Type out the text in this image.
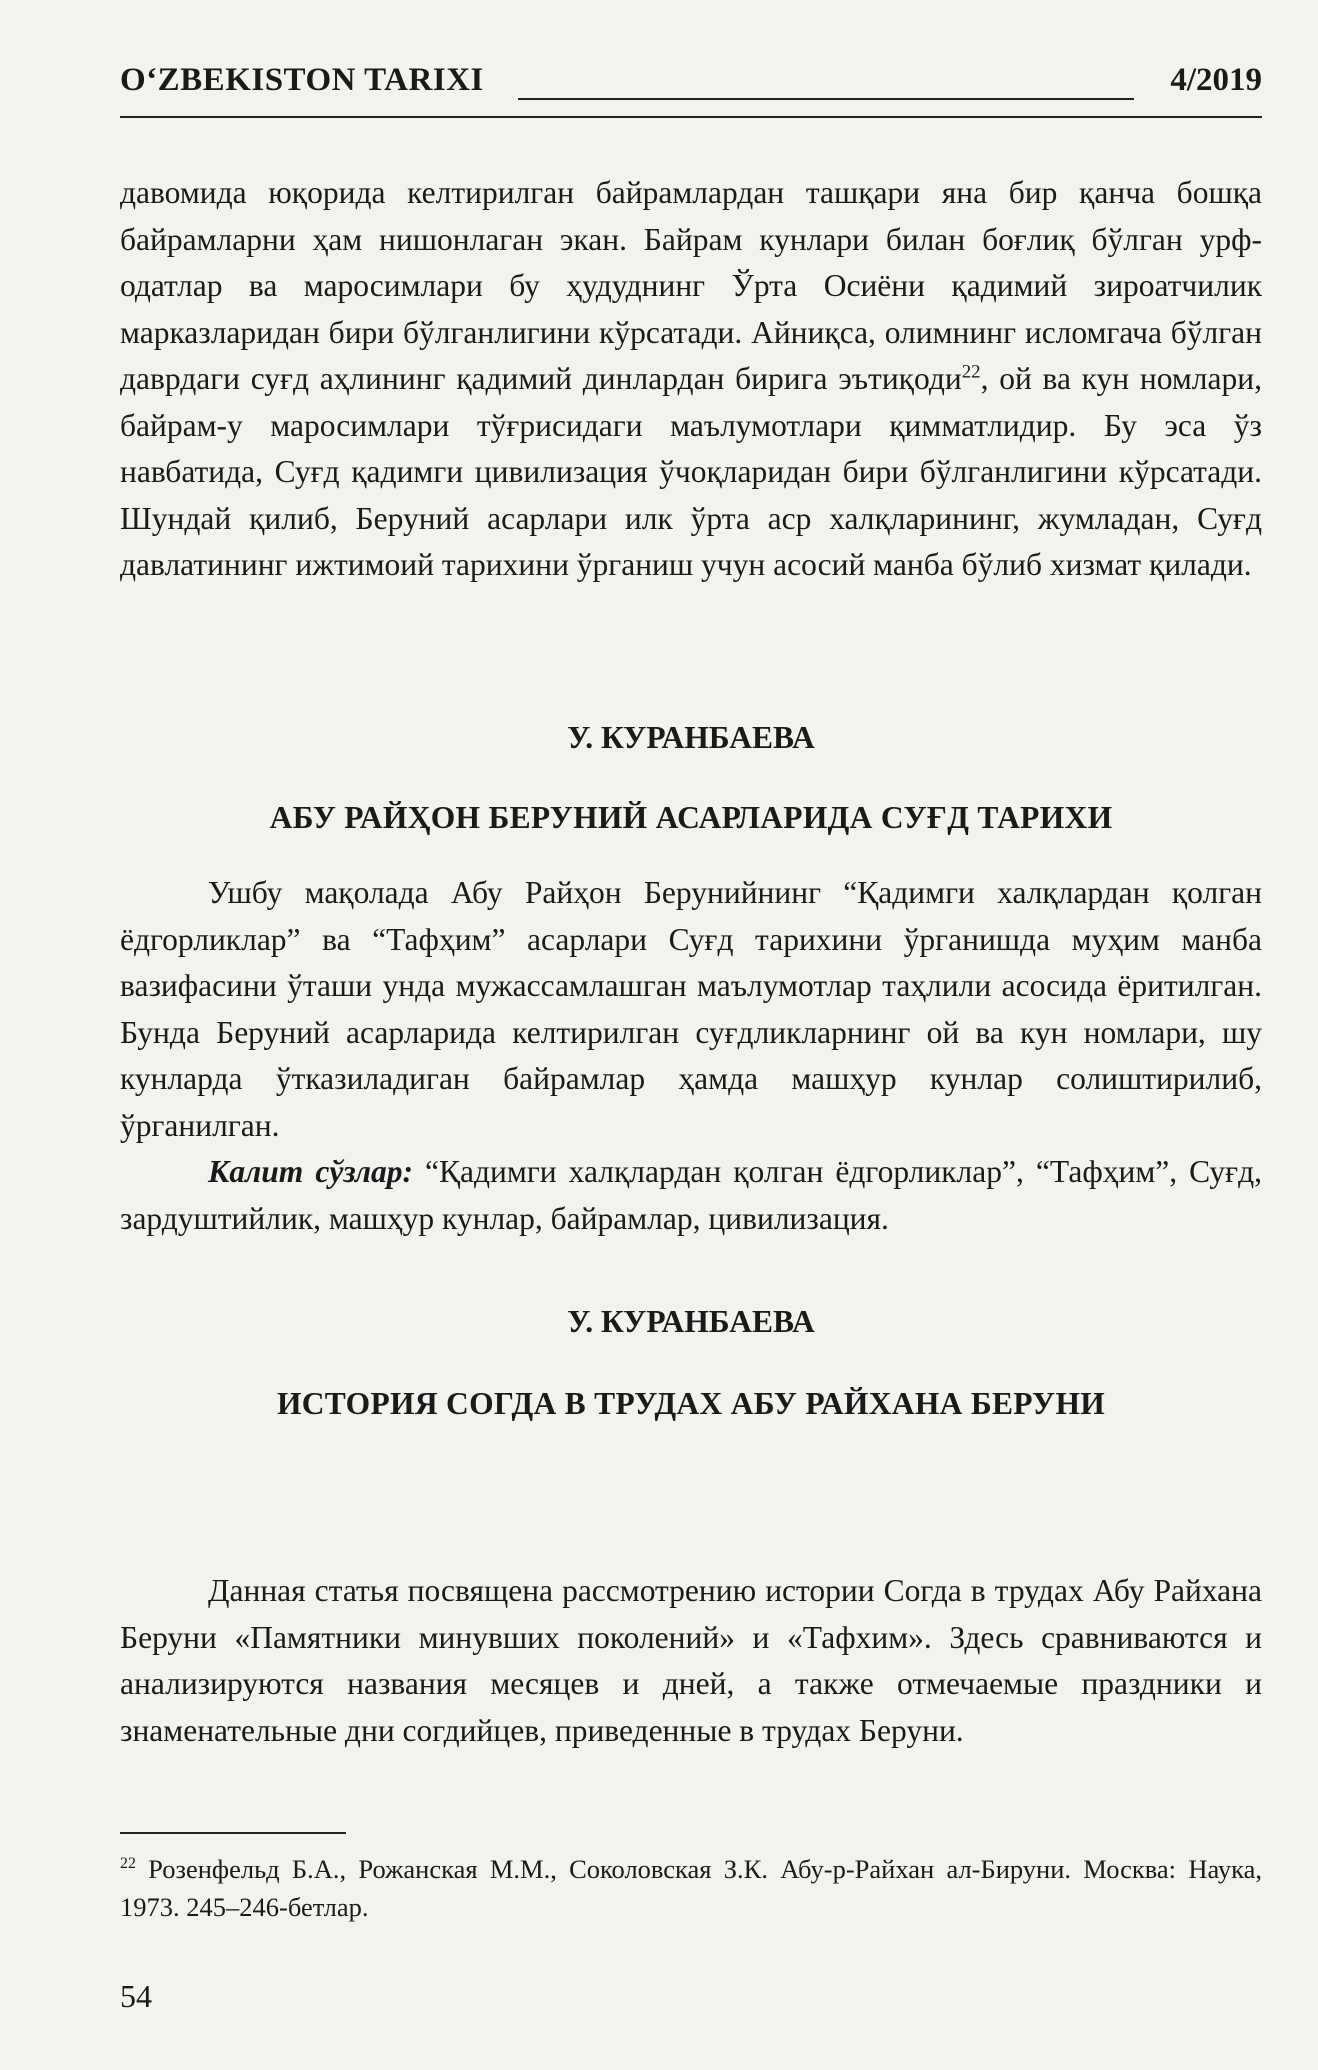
O‘ZBEKISTON TARIXI	4/2019

давомида юқорида келтирилган байрамлардан ташқари яна бир қанча бошқа байрамларни ҳам нишонлаган экан. Байрам кунлари билан боғлиқ бўлган урф-одатлар ва маросимлари бу ҳудуднинг Ўрта Осиёни қадимий зироатчилик марказларидан бири бўлганлигини кўрсатади. Айниқса, олимнинг исломгача бўлган даврдаги суғд аҳлининг қадимий динлардан бирига эътиқоди$^{22}$, ой ва кун номлари, байрам-у маросимлари тўғрисидаги маълумотлари қимматлидир. Бу эса ўз навбатида, Суғд қадимги цивилизация ўчоқларидан бири бўлганлигини кўрсатади. Шундай қилиб, Беруний асарлари илк ўрта аср халқларининг, жумладан, Суғд давлатининг ижтимоий тарихини ўрганиш учун асосий манба бўлиб хизмат қилади.

У. КУРАНБАЕВА
АБУ РАЙҲОН БЕРУНИЙ АСАРЛАРИДА СУҒД ТАРИХИ

Ушбу мақолада Абу Райҳон Берунийнинг “Қадимги халқлардан қолган ёдгорликлар” ва “Тафҳим” асарлари Суғд тарихини ўрганишда муҳим манба вазифасини ўташи унда мужассамлашган маълумотлар таҳлили асосида ёритилган. Бунда Беруний асарларида келтирилган суғдликларнинг ой ва кун номлари, шу кунларда ўтказиладиган байрамлар ҳамда машҳур кунлар солиштирилиб, ўрганилган.

Калит сўзлар: “Қадимги халқлардан қолган ёдгорликлар”, “Тафҳим”, Суғд, зардуштийлик, машҳур кунлар, байрамлар, цивилизация.

У. КУРАНБАЕВА
ИСТОРИЯ СОГДА В ТРУДАХ АБУ РАЙХАНА БЕРУНИ

Данная статья посвящена рассмотрению истории Согда в трудах Абу Райхана Беруни «Памятники минувших поколений» и «Тафхим». Здесь сравниваются и анализируются названия месяцев и дней, а также отмечаемые праздники и знаменательные дни согдийцев, приведенные в трудах Беруни.

$^{22}$ Розенфельд Б.А., Рожанская М.М., Соколовская З.К. Абу-р-Райхан ал-Бируни. Москва: Наука, 1973. 245–246-бетлар.

54
